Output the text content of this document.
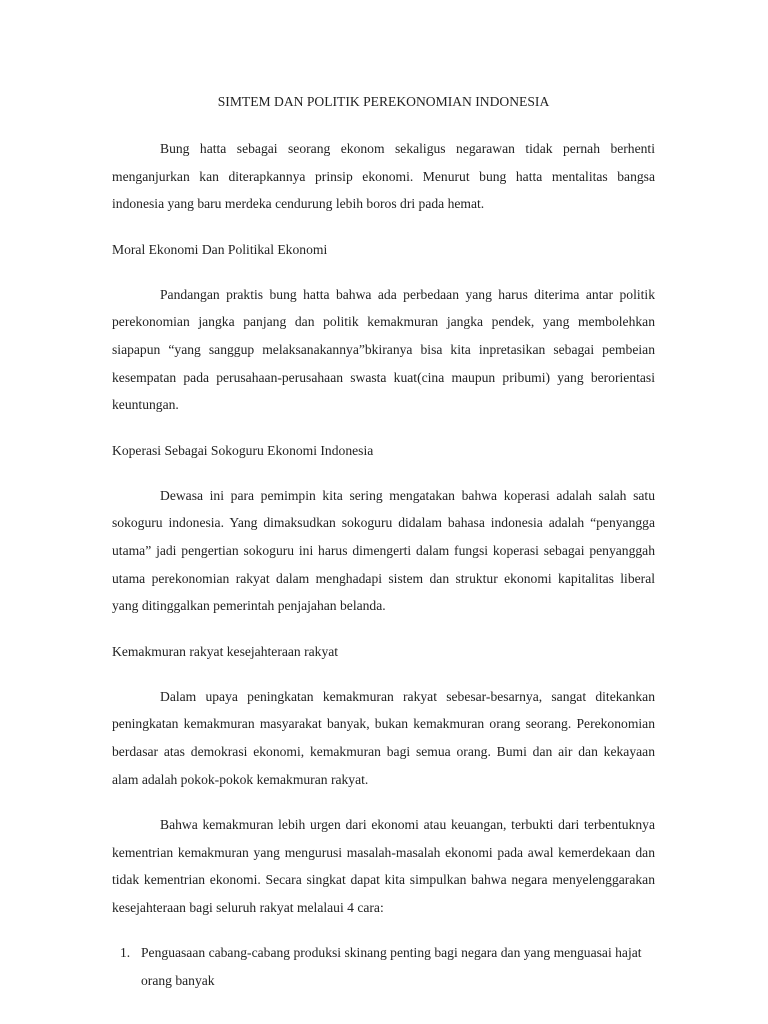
SIMTEM DAN POLITIK PEREKONOMIAN INDONESIA

Bung hatta sebagai seorang ekonom sekaligus negarawan tidak pernah berhenti menganjurkan kan diterapkannya prinsip ekonomi. Menurut bung hatta mentalitas bangsa indonesia yang baru merdeka cendurung lebih boros dri pada hemat.

Moral Ekonomi Dan Politikal Ekonomi

Pandangan praktis bung hatta bahwa ada perbedaan yang harus diterima antar politik perekonomian jangka panjang dan politik kemakmuran jangka pendek, yang membolehkan siapapun “yang sanggup melaksanakannya”bkiranya bisa kita inpretasikan sebagai pembeian kesempatan pada perusahaan-perusahaan swasta kuat(cina maupun pribumi) yang berorientasi keuntungan.

Koperasi Sebagai Sokoguru Ekonomi Indonesia

Dewasa ini para pemimpin kita sering mengatakan bahwa koperasi adalah salah satu sokoguru indonesia. Yang dimaksudkan sokoguru didalam bahasa indonesia adalah “penyangga utama” jadi pengertian sokoguru ini harus dimengerti dalam fungsi koperasi sebagai penyanggah utama perekonomian rakyat dalam menghadapi sistem dan struktur ekonomi kapitalitas liberal yang ditinggalkan pemerintah penjajahan belanda.

Kemakmuran rakyat kesejahteraan rakyat

Dalam upaya peningkatan kemakmuran rakyat sebesar-besarnya, sangat ditekankan peningkatan kemakmuran masyarakat banyak, bukan kemakmuran orang seorang. Perekonomian berdasar atas demokrasi ekonomi, kemakmuran bagi semua orang. Bumi dan air dan kekayaan alam adalah pokok-pokok kemakmuran rakyat.

Bahwa kemakmuran lebih urgen dari ekonomi atau keuangan, terbukti dari terbentuknya kementrian kemakmuran yang mengurusi masalah-masalah ekonomi pada awal kemerdekaan dan tidak kementrian ekonomi. Secara singkat dapat kita simpulkan bahwa negara menyelenggarakan kesejahteraan bagi seluruh rakyat melalaui 4 cara:

1. Penguasaan cabang-cabang produksi skinang penting bagi negara dan yang menguasai hajat orang banyak
